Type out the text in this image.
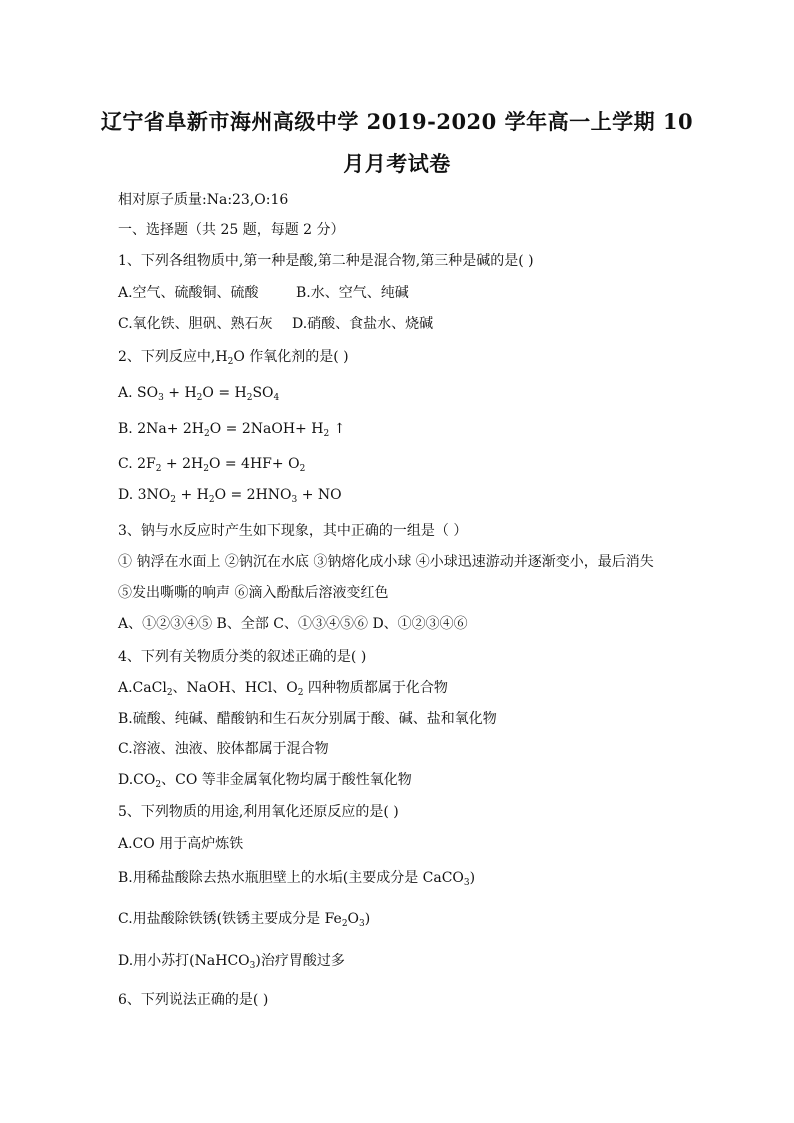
辽宁省阜新市海州高级中学 2019-2020 学年高一上学期 10
月月考试卷
相对原子质量:Na:23,O:16
一、选择题（共 25 题，每题 2 分）
1、下列各组物质中,第一种是酸,第二种是混合物,第三种是碱的是( )
A.空气、硫酸铜、硫酸	B.水、空气、纯碱
C.氧化铁、胆矾、熟石灰 D.硝酸、食盐水、烧碱
2、下列反应中$,H_2O$ 作氧化剂的是( )
A. $SO_3 + H_2O = H_2SO_4$
B. $2Na+ 2H_2O$ = 2NaOH+ $H_2$ ↑
C. $2F_2 + 2H_2O = 4HF+ O_2$
D. $3NO_2 + H_2O = 2HNO_3$ + NO
3、钠与水反应时产生如下现象，其中正确的一组是（ ）
① 钠浮在水面上 ②钠沉在水底 ③钠熔化成小球 ④小球迅速游动并逐渐变小，最后消失
⑤发出嘶嘶的响声 ⑥滴入酚酞后溶液变红色
A、①②③④⑤ B、全部 C、①③④⑤⑥ D、①②③④⑥
4、下列有关物质分类的叙述正确的是( )
A.CaCl$_2$、NaOH、HCl、$O_2$ 四种物质都属于化合物
B.硫酸、纯碱、醋酸钠和生石灰分别属于酸、碱、盐和氧化物
C.溶液、浊液、胶体都属于混合物
$D.CO_2$、CO 等非金属氧化物均属于酸性氧化物
5、下列物质的用途,利用氧化还原反应的是( )
A.CO 用于高炉炼铁
B.用稀盐酸除去热水瓶胆壁上的水垢(主要成分是 CaCO$_3$)
C.用盐酸除铁锈(铁锈主要成分是 $Fe_2O_3$)
D.用小苏打(NaHCO$_3$)治疗胃酸过多
6、下列说法正确的是( )
